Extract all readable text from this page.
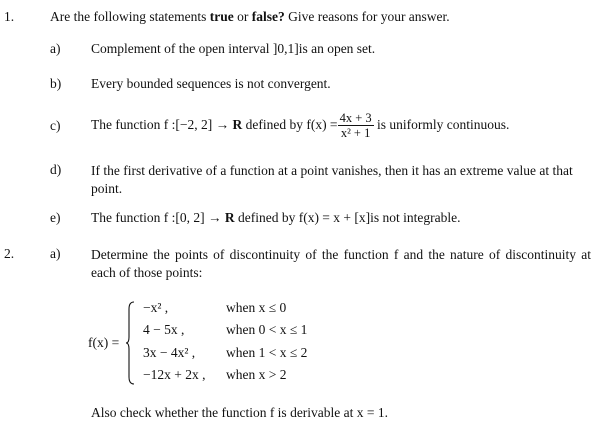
1.	Are the following statements true or false? Give reasons for your answer.
a) Complement of the open interval ]0,1]is an open set.
b) Every bounded sequences is not convergent.
c) The function f :[−2, 2] → R defined by $f(x) = \frac{4x + 3}{\text{x² + 1}}$ is uniformly continuous.
d) If the first derivative of a function at a point vanishes, then it has an extreme value at that point.
e) The function f :[0, 2] → R defined by f(x) = x + [x]is not integrable.
2.	a) Determine the points of discontinuity of the function f and the nature of discontinuity at each of those points:
f(x) =
−x² ,	when x ≤ 0
4 − 5x ,	when 0 < x ≤ 1
3x − 4x² , when 1 < x ≤ 2
−12x + 2x , when x > 2
Also check whether the function f is derivable at x = 1.
